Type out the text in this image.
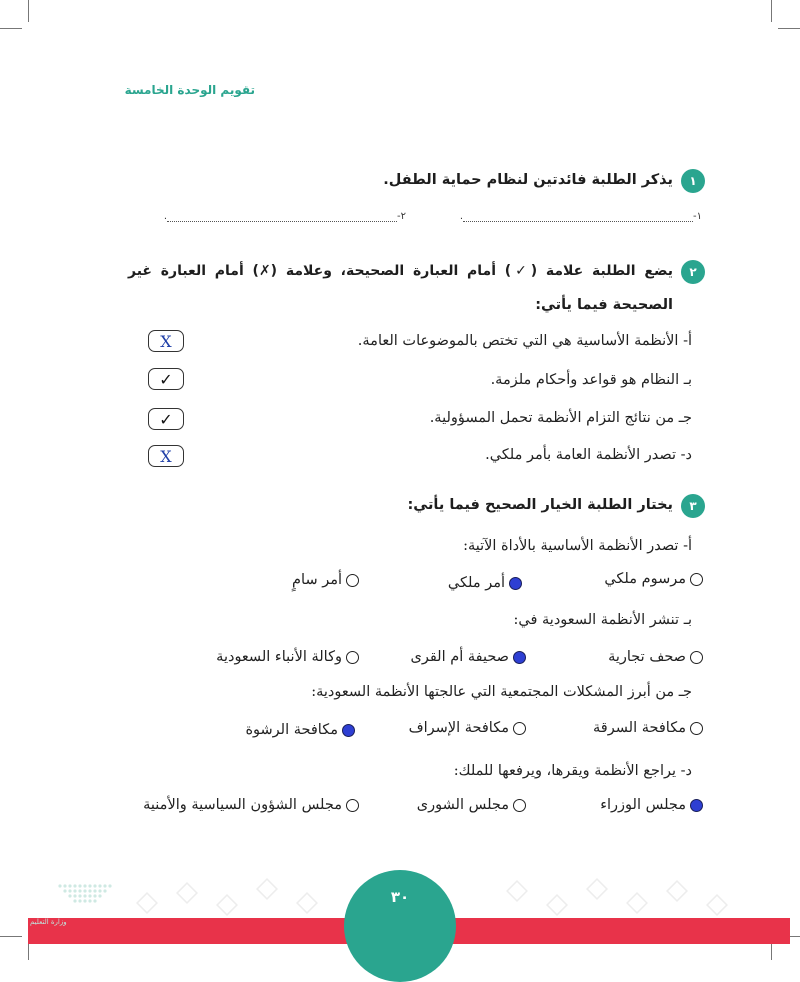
تقويم الوحدة الخامسة
١
يذكر الطلبة فائدتين لنظام حماية الطفل.
١-
.
٢-
.
٢
يضع الطلبة علامة (✓) أمام العبارة الصحيحة، وعلامة (✗) أمام العبارة غير
الصحيحة فيما يأتي:
أ- الأنظمة الأساسية هي التي تختص بالموضوعات العامة.
X
بـ النظام هو قواعد وأحكام ملزمة.
✓
جـ من نتائج التزام الأنظمة تحمل المسؤولية.
✓
د- تصدر الأنظمة العامة بأمر ملكي.
X
٣
يختار الطلبة الخيار الصحيح فيما يأتي:
أ- تصدر الأنظمة الأساسية بالأداة الآتية:
مرسوم ملكي
أمر ملكي
أمر سامٍ
بـ تنشر الأنظمة السعودية في:
صحف تجارية
صحيفة أم القرى
وكالة الأنباء السعودية
جـ من أبرز المشكلات المجتمعية التي عالجتها الأنظمة السعودية:
مكافحة السرقة
مكافحة الإسراف
مكافحة الرشوة
د- يراجع الأنظمة ويقرها، ويرفعها للملك:
مجلس الوزراء
مجلس الشورى
مجلس الشؤون السياسية والأمنية
٣٠
وزارة التعليم
